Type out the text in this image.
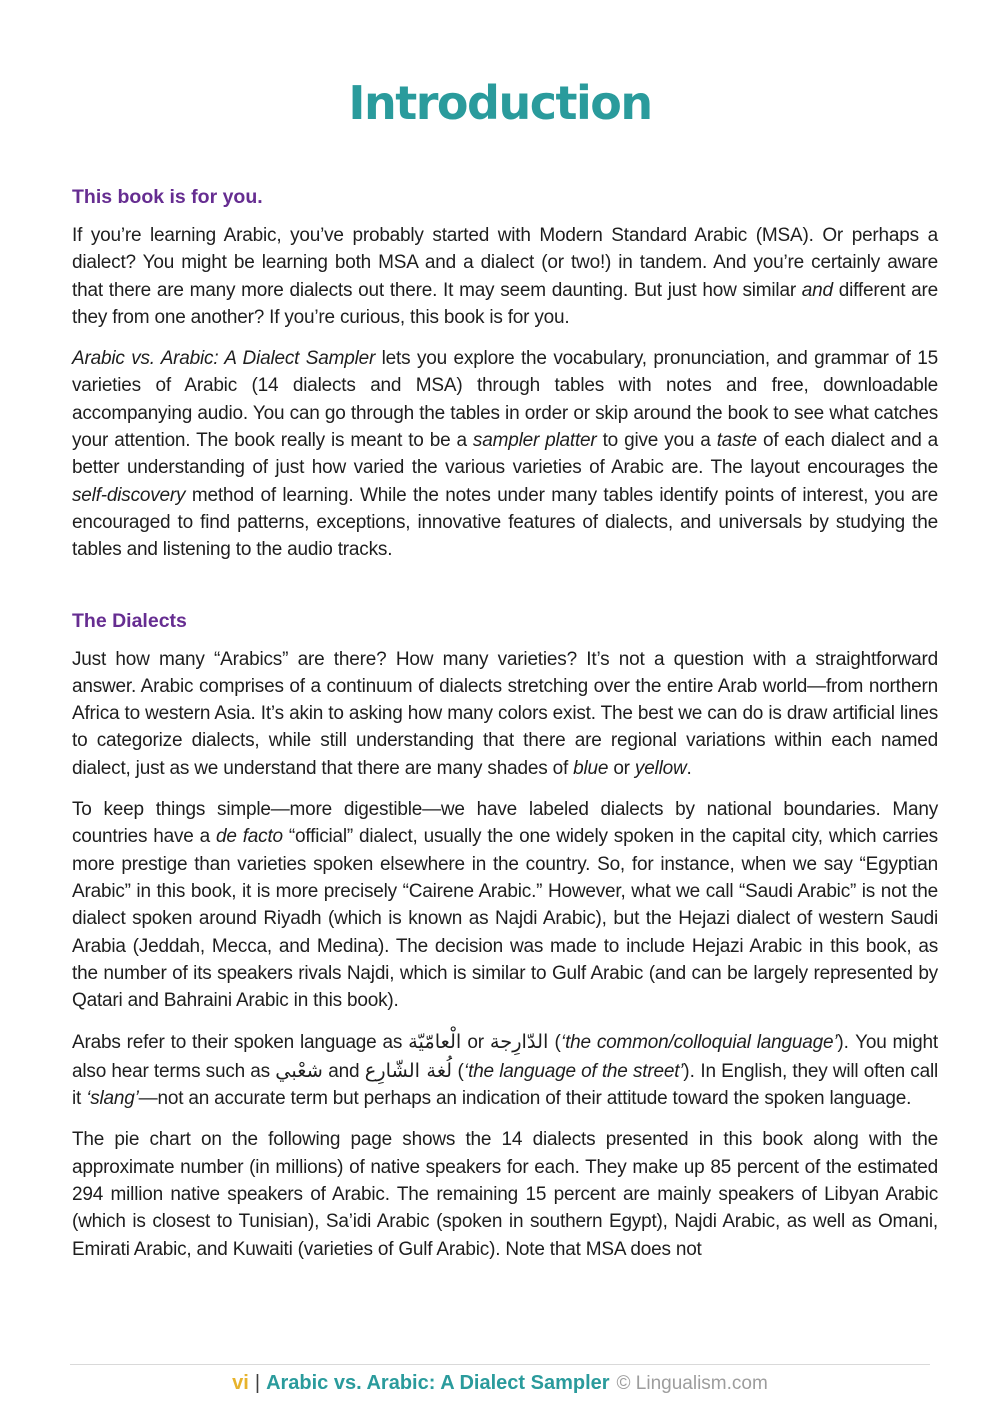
Introduction
This book is for you.

If you’re learning Arabic, you’ve probably started with Modern Standard Arabic (MSA). Or perhaps a dialect? You might be learning both MSA and a dialect (or two!) in tandem. And you’re certainly aware that there are many more dialects out there. It may seem daunting. But just how similar and different are they from one another? If you’re curious, this book is for you.

Arabic vs. Arabic: A Dialect Sampler lets you explore the vocabulary, pronunciation, and grammar of 15 varieties of Arabic (14 dialects and MSA) through tables with notes and free, downloadable accompanying audio. You can go through the tables in order or skip around the book to see what catches your attention. The book really is meant to be a sampler platter to give you a taste of each dialect and a better understanding of just how varied the various varieties of Arabic are. The layout encourages the self-discovery method of learning. While the notes under many tables identify points of interest, you are encouraged to find patterns, exceptions, innovative features of dialects, and universals by studying the tables and listening to the audio tracks.

The Dialects

Just how many “Arabics” are there? How many varieties? It’s not a question with a straightforward answer. Arabic comprises of a continuum of dialects stretching over the entire Arab world—from northern Africa to western Asia. It’s akin to asking how many colors exist. The best we can do is draw artificial lines to categorize dialects, while still understanding that there are regional variations within each named dialect, just as we understand that there are many shades of blue or yellow.

To keep things simple—more digestible—we have labeled dialects by national boundaries. Many countries have a de facto “official” dialect, usually the one widely spoken in the capital city, which carries more prestige than varieties spoken elsewhere in the country. So, for instance, when we say “Egyptian Arabic” in this book, it is more precisely “Cairene Arabic.” However, what we call “Saudi Arabic” is not the dialect spoken around Riyadh (which is known as Najdi Arabic), but the Hejazi dialect of western Saudi Arabia (Jeddah, Mecca, and Medina). The decision was made to include Hejazi Arabic in this book, as the number of its speakers rivals Najdi, which is similar to Gulf Arabic (and can be largely represented by Qatari and Bahraini Arabic in this book).

Arabs refer to their spoken language as الْعامّيّة or الدّارِجة (‘the common/colloquial language’). You might also hear terms such as شعْبي and لُغة الشّارِع (‘the language of the street’). In English, they will often call it ‘slang’—not an accurate term but perhaps an indication of their attitude toward the spoken language.

The pie chart on the following page shows the 14 dialects presented in this book along with the approximate number (in millions) of native speakers for each. They make up 85 percent of the estimated 294 million native speakers of Arabic. The remaining 15 percent are mainly speakers of Libyan Arabic (which is closest to Tunisian), Sa’idi Arabic (spoken in southern Egypt), Najdi Arabic, as well as Omani, Emirati Arabic, and Kuwaiti (varieties of Gulf Arabic). Note that MSA does not

vi | Arabic vs. Arabic: A Dialect Sampler © Lingualism.com
